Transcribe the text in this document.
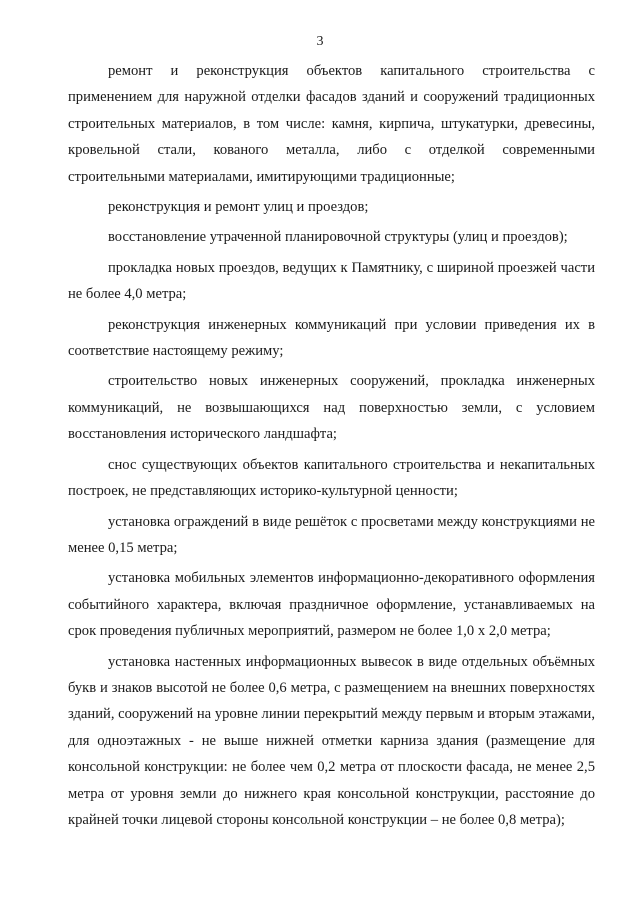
3

ремонт и реконструкция объектов капитального строительства с применением для наружной отделки фасадов зданий и сооружений традиционных строительных материалов, в том числе: камня, кирпича, штукатурки, древесины, кровельной стали, кованого металла, либо с отделкой современными строительными материалами, имитирующими традиционные;

реконструкция и ремонт улиц и проездов;

восстановление утраченной планировочной структуры (улиц и проездов);

прокладка новых проездов, ведущих к Памятнику, с шириной проезжей части не более 4,0 метра;

реконструкция инженерных коммуникаций при условии приведения их в соответствие настоящему режиму;

строительство новых инженерных сооружений, прокладка инженерных коммуникаций, не возвышающихся над поверхностью земли, с условием восстановления исторического ландшафта;

снос существующих объектов капитального строительства и некапитальных построек, не представляющих историко-культурной ценности;

установка ограждений в виде решёток с просветами между конструкциями не менее 0,15 метра;

установка мобильных элементов информационно-декоративного оформления событийного характера, включая праздничное оформление, устанавливаемых на срок проведения публичных мероприятий, размером не более 1,0 х 2,0 метра;

установка настенных информационных вывесок в виде отдельных объёмных букв и знаков высотой не более 0,6 метра, с размещением на внешних поверхностях зданий, сооружений на уровне линии перекрытий между первым и вторым этажами, для одноэтажных - не выше нижней отметки карниза здания (размещение для консольной конструкции: не более чем 0,2 метра от плоскости фасада, не менее 2,5 метра от уровня земли до нижнего края консольной конструкции, расстояние до крайней точки лицевой стороны консольной конструкции – не более 0,8 метра);
